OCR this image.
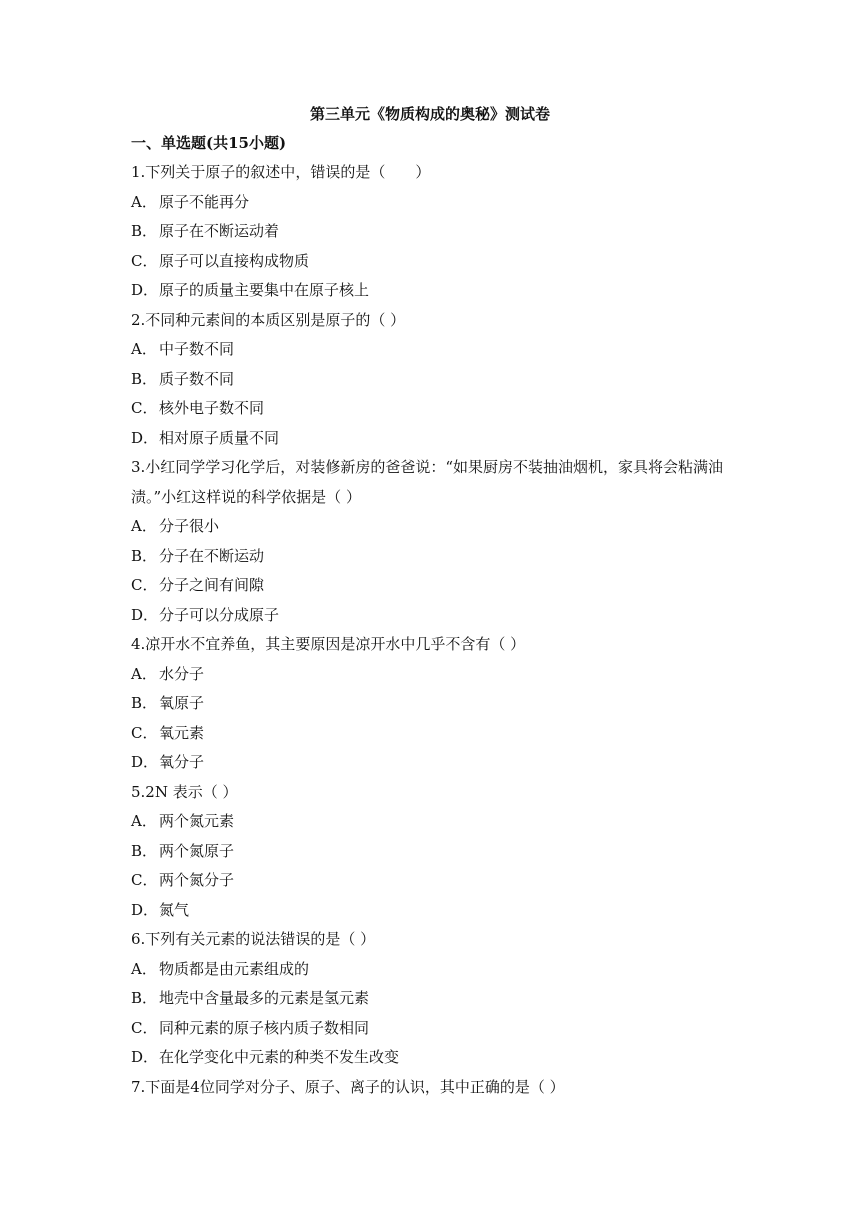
第三单元《物质构成的奥秘》测试卷
一、单选题(共15小题)
1.下列关于原子的叙述中，错误的是（　　）
A． 原子不能再分
B． 原子在不断运动着
C． 原子可以直接构成物质
D．原子的质量主要集中在原子核上
2.不同种元素间的本质区别是原子的（ ）
A． 中子数不同
B． 质子数不同
C． 核外电子数不同
D．相对原子质量不同
3.小红同学学习化学后，对装修新房的爸爸说：“如果厨房不装抽油烟机，家具将会粘满油
渍。”小红这样说的科学依据是（ ）
A． 分子很小
B． 分子在不断运动
C． 分子之间有间隙
D．分子可以分成原子
4.凉开水不宜养鱼，其主要原因是凉开水中几乎不含有（ ）
A． 水分子
B． 氧原子
C． 氧元素
D．氧分子
5.2N 表示（ ）
A． 两个氮元素
B． 两个氮原子
C． 两个氮分子
D．氮气
6.下列有关元素的说法错误的是（ ）
A． 物质都是由元素组成的
B． 地壳中含量最多的元素是氢元素
C． 同种元素的原子核内质子数相同
D．在化学变化中元素的种类不发生改变
7.下面是4位同学对分子、原子、离子的认识，其中正确的是（ ）
